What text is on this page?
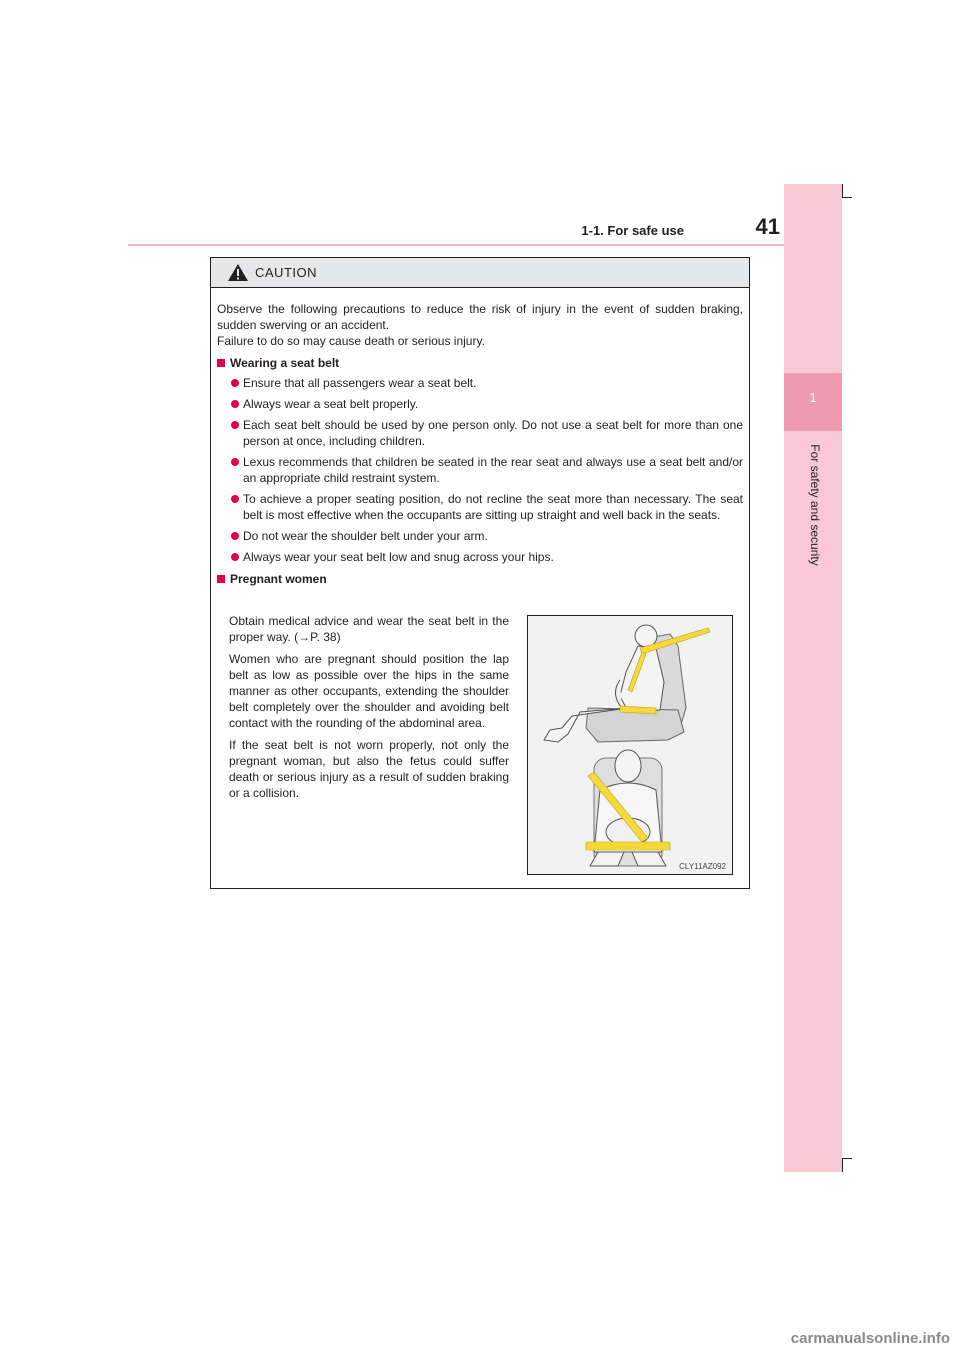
1-1. For safe use	41
1
For safety and security
CAUTION

Observe the following precautions to reduce the risk of injury in the event of sudden braking, sudden swerving or an accident.

Failure to do so may cause death or serious injury.

Wearing a seat belt

Ensure that all passengers wear a seat belt.
Always wear a seat belt properly.
Each seat belt should be used by one person only. Do not use a seat belt for more than one person at once, including children.
Lexus recommends that children be seated in the rear seat and always use a seat belt and/or an appropriate child restraint system.
To achieve a proper seating position, do not recline the seat more than necessary. The seat belt is most effective when the occupants are sitting up straight and well back in the seats.
Do not wear the shoulder belt under your arm.
Always wear your seat belt low and snug across your hips.

Pregnant women

Obtain medical advice and wear the seat belt in the proper way. (→P. 38)

Women who are pregnant should position the lap belt as low as possible over the hips in the same manner as other occupants, extending the shoulder belt completely over the shoulder and avoiding belt contact with the rounding of the abdominal area.

If the seat belt is not worn properly, not only the pregnant woman, but also the fetus could suffer death or serious injury as a result of sudden braking or a collision.

CLY11AZ092
carmanualsonline.info
